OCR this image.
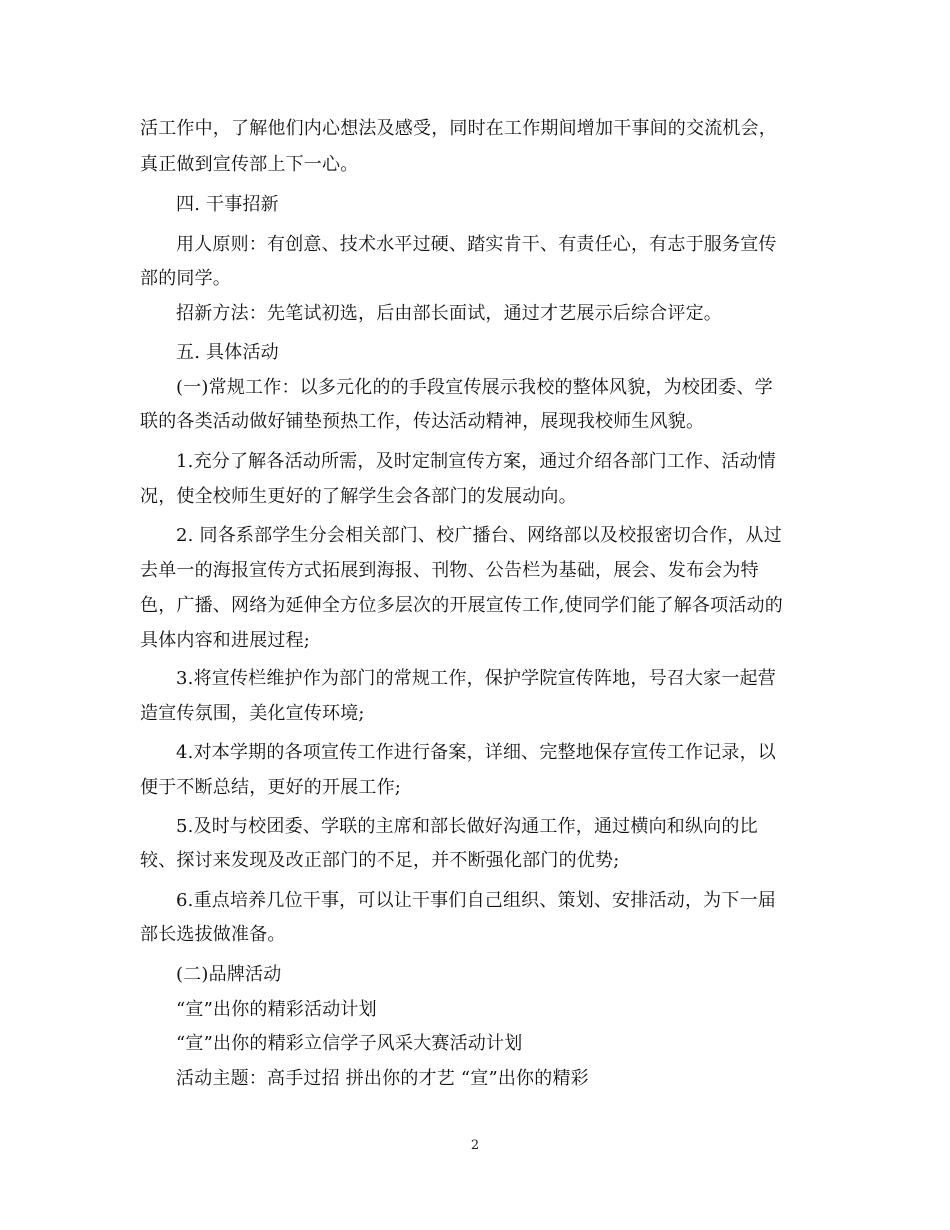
活工作中，了解他们内心想法及感受，同时在工作期间增加干事间的交流机会，

真正做到宣传部上下一心。

四. 干事招新

用人原则：有创意、技术水平过硬、踏实肯干、有责任心，有志于服务宣传

部的同学。

招新方法：先笔试初选，后由部长面试，通过才艺展示后综合评定。

五. 具体活动

(一)常规工作：以多元化的的手段宣传展示我校的整体风貌，为校团委、学

联的各类活动做好铺垫预热工作，传达活动精神，展现我校师生风貌。

1.充分了解各活动所需，及时定制宣传方案，通过介绍各部门工作、活动情

况，使全校师生更好的了解学生会各部门的发展动向。

2. 同各系部学生分会相关部门、校广播台、网络部以及校报密切合作，从过

去单一的海报宣传方式拓展到海报、刊物、公告栏为基础，展会、发布会为特

色，广播、网络为延伸全方位多层次的开展宣传工作,使同学们能了解各项活动的

具体内容和进展过程;

3.将宣传栏维护作为部门的常规工作，保护学院宣传阵地，号召大家一起营

造宣传氛围，美化宣传环境;

4.对本学期的各项宣传工作进行备案，详细、完整地保存宣传工作记录，以

便于不断总结，更好的开展工作;

5.及时与校团委、学联的主席和部长做好沟通工作，通过横向和纵向的比

较、探讨来发现及改正部门的不足，并不断强化部门的优势;

6.重点培养几位干事，可以让干事们自己组织、策划、安排活动，为下一届

部长选拔做准备。

(二)品牌活动

“宣”出你的精彩活动计划

“宣”出你的精彩立信学子风采大赛活动计划

活动主题：高手过招 拼出你的才艺 “宣”出你的精彩

2
